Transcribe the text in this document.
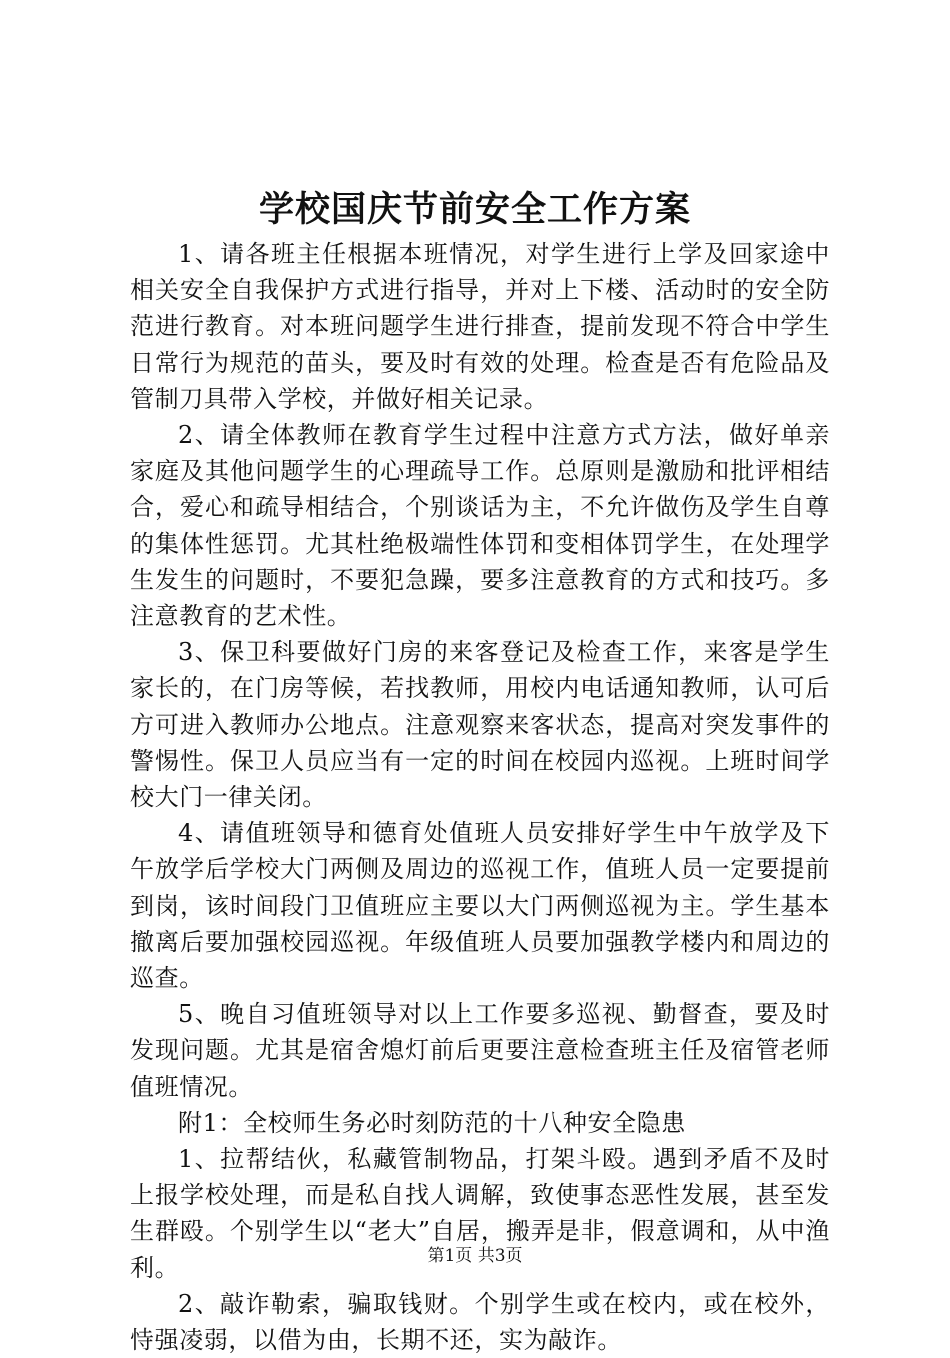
学校国庆节前安全工作方案

1、请各班主任根据本班情况，对学生进行上学及回家途中相关安全自我保护方式进行指导，并对上下楼、活动时的安全防范进行教育。对本班问题学生进行排查，提前发现不符合中学生日常行为规范的苗头，要及时有效的处理。检查是否有危险品及管制刀具带入学校，并做好相关记录。

2、请全体教师在教育学生过程中注意方式方法，做好单亲家庭及其他问题学生的心理疏导工作。总原则是激励和批评相结合，爱心和疏导相结合，个别谈话为主，不允许做伤及学生自尊的集体性惩罚。尤其杜绝极端性体罚和变相体罚学生，在处理学生发生的问题时，不要犯急躁，要多注意教育的方式和技巧。多注意教育的艺术性。

3、保卫科要做好门房的来客登记及检查工作，来客是学生家长的，在门房等候，若找教师，用校内电话通知教师，认可后方可进入教师办公地点。注意观察来客状态，提高对突发事件的警惕性。保卫人员应当有一定的时间在校园内巡视。上班时间学校大门一律关闭。

4、请值班领导和德育处值班人员安排好学生中午放学及下午放学后学校大门两侧及周边的巡视工作，值班人员一定要提前到岗，该时间段门卫值班应主要以大门两侧巡视为主。学生基本撤离后要加强校园巡视。年级值班人员要加强教学楼内和周边的巡查。

5、晚自习值班领导对以上工作要多巡视、勤督查，要及时发现问题。尤其是宿舍熄灯前后更要注意检查班主任及宿管老师值班情况。

附1：全校师生务必时刻防范的十八种安全隐患

1、拉帮结伙，私藏管制物品，打架斗殴。遇到矛盾不及时上报学校处理，而是私自找人调解，致使事态恶性发展，甚至发生群殴。个别学生以“老大”自居，搬弄是非，假意调和，从中渔利。

2、敲诈勒索，骗取钱财。个别学生或在校内，或在校外，恃强凌弱，以借为由，长期不还，实为敲诈。

第1页 共3页
